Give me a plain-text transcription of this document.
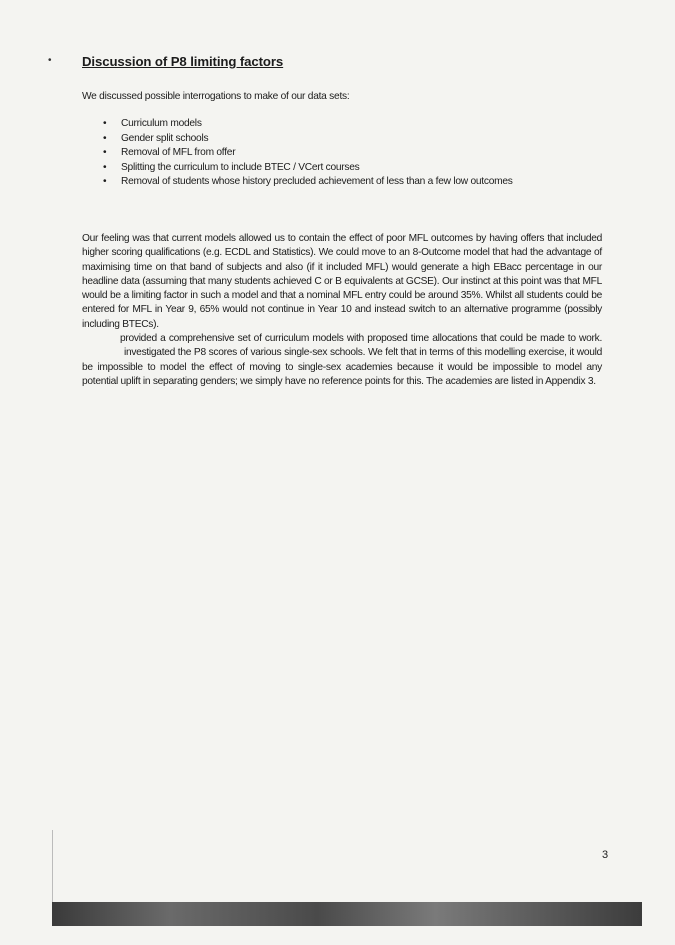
• Discussion of P8 limiting factors
We discussed possible interrogations to make of our data sets:
• Curriculum models
• Gender split schools
• Removal of MFL from offer
• Splitting the curriculum to include BTEC / VCert courses
• Removal of students whose history precluded achievement of less than a few low outcomes

Our feeling was that current models allowed us to contain the effect of poor MFL outcomes by having offers that included higher scoring qualifications (e.g. ECDL and Statistics). We could move to an 8-Outcome model that had the advantage of maximising time on that band of subjects and also (if it included MFL) would generate a high EBacc percentage in our headline data (assuming that many students achieved C or B equivalents at GCSE). Our instinct at this point was that MFL would be a limiting factor in such a model and that a nominal MFL entry could be around 35%. Whilst all students could be entered for MFL in Year 9, 65% would not continue in Year 10 and instead switch to an alternative programme (possibly including BTECs).
provided a comprehensive set of curriculum models with proposed time allocations that could be made to work. investigated the P8 scores of various single-sex schools. We felt that in terms of this modelling exercise, it would be impossible to model the effect of moving to single-sex academies because it would be impossible to model any potential uplift in separating genders; we simply have no reference points for this. The academies are listed in Appendix 3.

3
